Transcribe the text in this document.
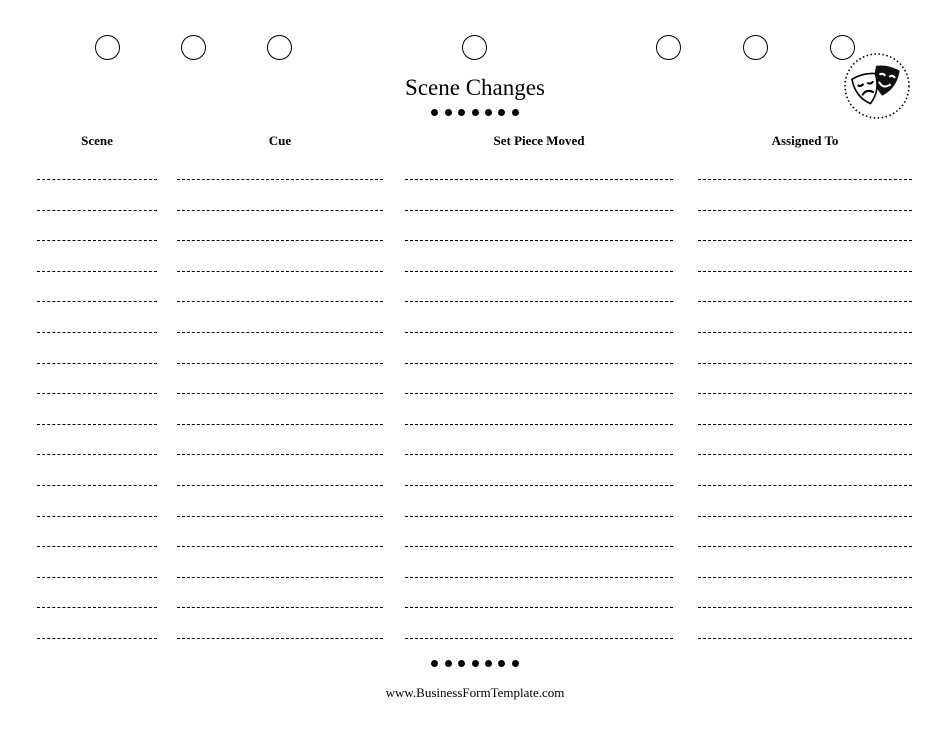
Scene Changes
Scene	Cue	Set Piece Moved	Assigned To
www.BusinessFormTemplate.com
